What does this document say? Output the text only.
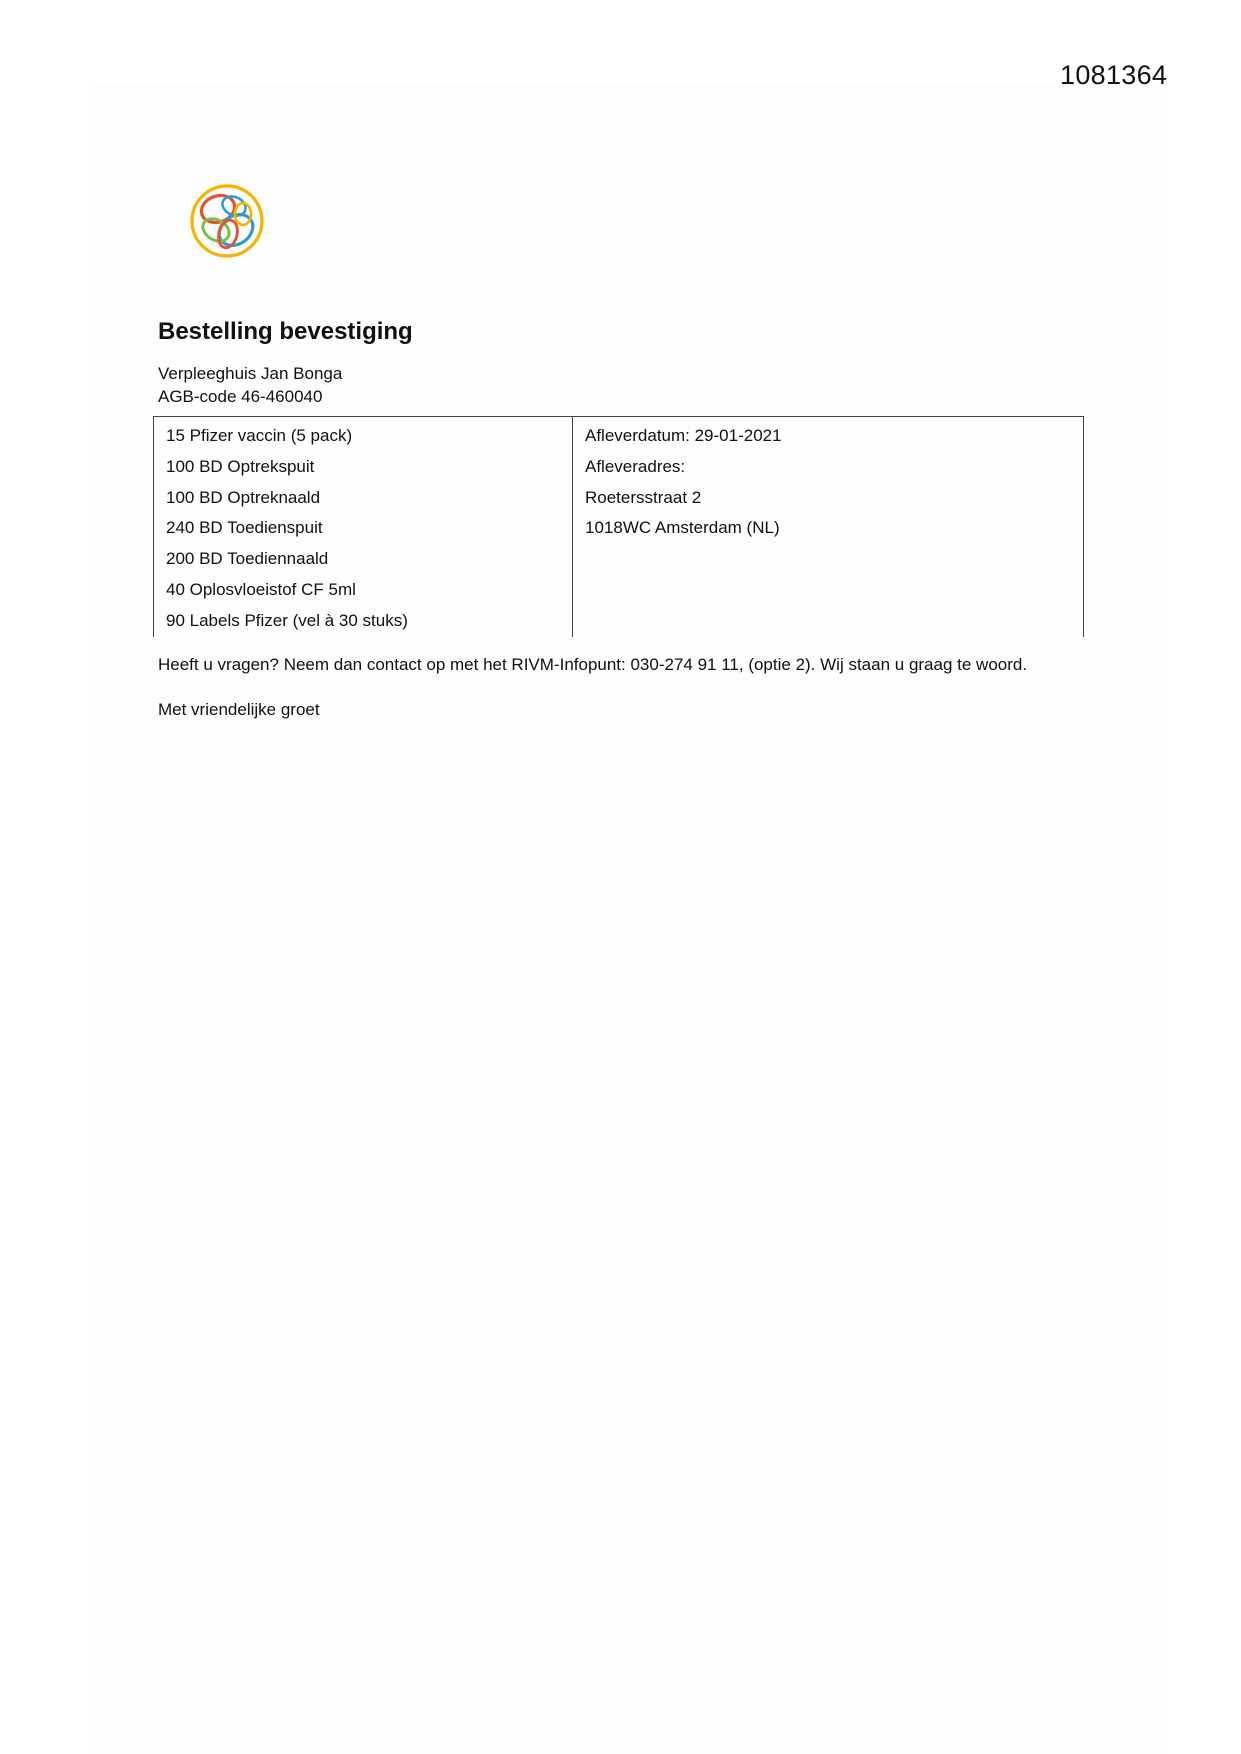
1081364
Bestelling bevestiging
Verpleeghuis Jan Bonga
AGB-code 46-460040
15 Pfizer vaccin (5 pack)
100 BD Optrekspuit
100 BD Optreknaald
240 BD Toedienspuit
200 BD Toediennaald
40 Oplosvloeistof CF 5ml
90 Labels Pfizer (vel à 30 stuks)
Afleverdatum: 29-01-2021
Afleveradres:
Roetersstraat 2
1018WC Amsterdam (NL)
Heeft u vragen? Neem dan contact op met het RIVM-Infopunt: 030-274 91 11, (optie 2). Wij staan u graag te woord.
Met vriendelijke groet
